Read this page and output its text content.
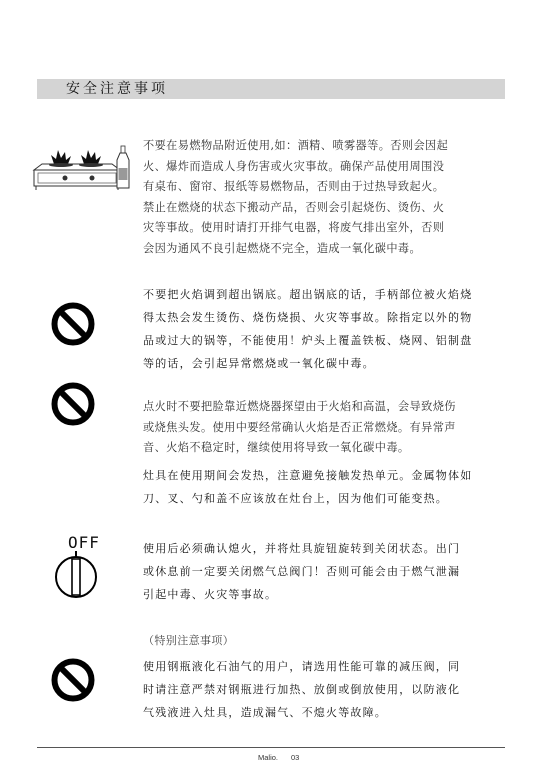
安全注意事项
OFF
不要在易燃物品附近使用,如：酒精、喷雾器等。否则会因起
火、爆炸而造成人身伤害或火灾事故。确保产品使用周围没
有桌布、窗帘、报纸等易燃物品，否则由于过热导致起火。
禁止在燃烧的状态下搬动产品，否则会引起烧伤、烫伤、火
灾等事故。使用时请打开排气电器，将废气排出室外，否则
会因为通风不良引起燃烧不完全，造成一氧化碳中毒。
不要把火焰调到超出锅底。超出锅底的话，手柄部位被火焰烧
得太热会发生烫伤、烧伤烧损、火灾等事故。除指定以外的物
品或过大的锅等，不能使用！炉头上覆盖铁板、烧网、铝制盘
等的话，会引起异常燃烧或一氧化碳中毒。
点火时不要把脸靠近燃烧器探望由于火焰和高温，会导致烧伤
或烧焦头发。使用中要经常确认火焰是否正常燃烧。有异常声
音、火焰不稳定时，继续使用将导致一氧化碳中毒。
灶具在使用期间会发热，注意避免接触发热单元。金属物体如
刀、叉、勺和盖不应该放在灶台上，因为他们可能变热。
使用后必须确认熄火，并将灶具旋钮旋转到关闭状态。出门
或休息前一定要关闭燃气总阀门！否则可能会由于燃气泄漏
引起中毒、火灾等事故。
（特别注意事项）
使用钢瓶液化石油气的用户，请选用性能可靠的减压阀，同
时请注意严禁对钢瓶进行加热、放倒或倒放使用，以防液化
气残液进入灶具，造成漏气、不熄火等故障。
Malio. 03
